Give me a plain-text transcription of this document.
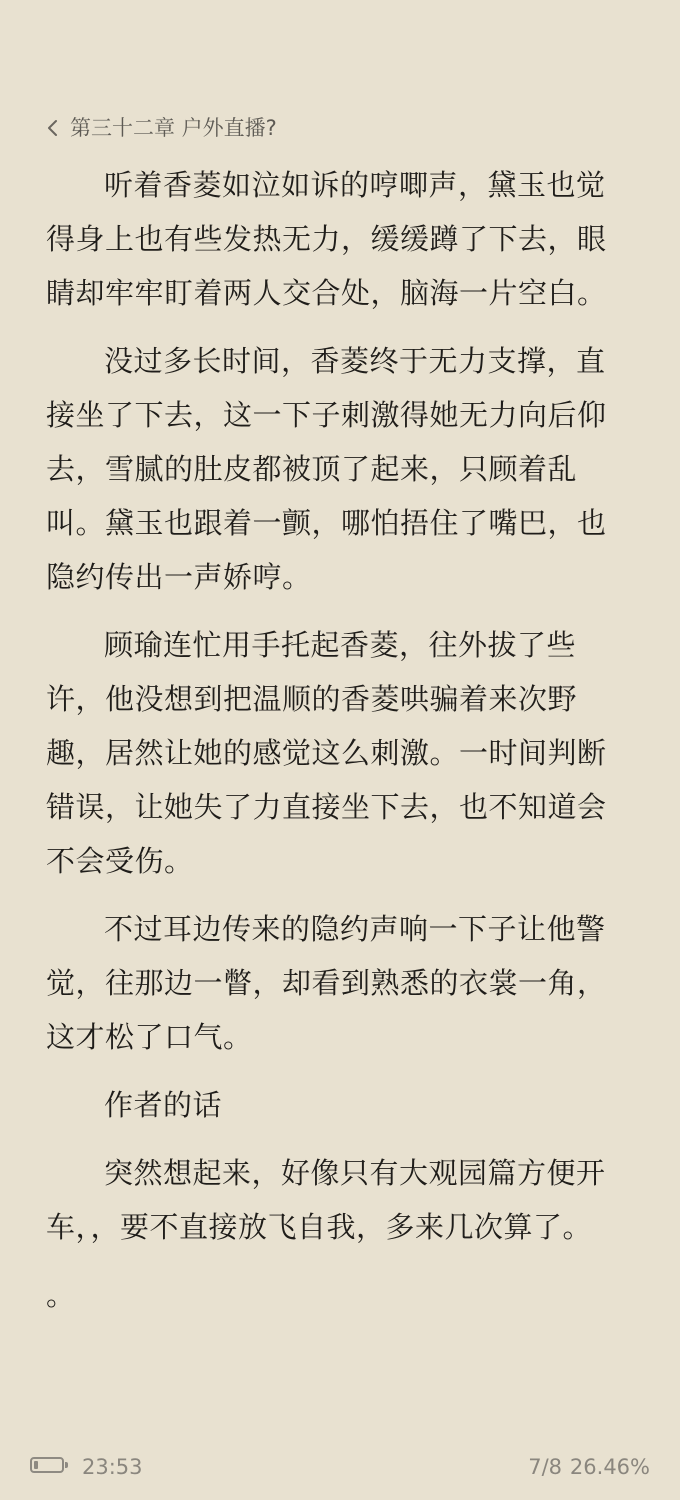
第三十二章 户外直播?

听着香菱如泣如诉的哼唧声，黛玉也觉得身上也有些发热无力，缓缓蹲了下去，眼睛却牢牢盯着两人交合处，脑海一片空白。

没过多长时间，香菱终于无力支撑，直接坐了下去，这一下子刺激得她无力向后仰去，雪腻的肚皮都被顶了起来，只顾着乱叫。黛玉也跟着一颤，哪怕捂住了嘴巴，也隐约传出一声娇哼。

顾瑜连忙用手托起香菱，往外拔了些许，他没想到把温顺的香菱哄骗着来次野趣，居然让她的感觉这么刺激。一时间判断错误，让她失了力直接坐下去，也不知道会不会受伤。

不过耳边传来的隐约声响一下子让他警觉，往那边一瞥，却看到熟悉的衣裳一角，这才松了口气。

作者的话

突然想起来，好像只有大观园篇方便开车，，要不直接放飞自我，多来几次算了。

。

23:53	7/8 26.46%
